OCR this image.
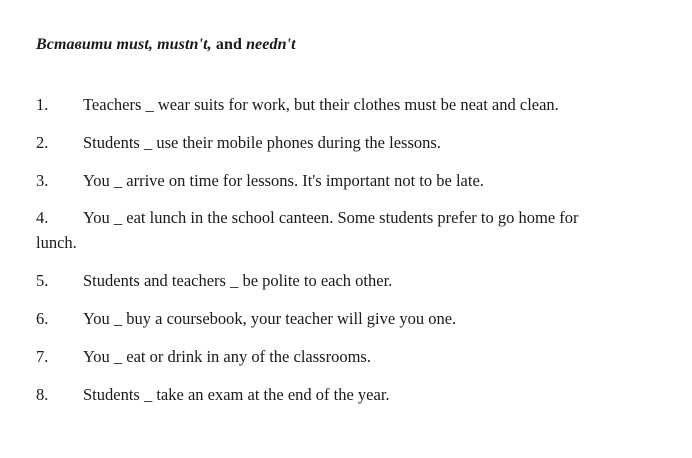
Вставити must, mustn't, and needn't
1. Teachers _ wear suits for work, but their clothes must be neat and clean.
2. Students _ use their mobile phones during the lessons.
3. You _ arrive on time for lessons. It's important not to be late.
4. You _ eat lunch in the school canteen. Some students prefer to go home for
lunch.
5. Students and teachers _ be polite to each other.
6. You _ buy a coursebook, your teacher will give you one.
7. You _ eat or drink in any of the classrooms.
8. Students _ take an exam at the end of the year.
